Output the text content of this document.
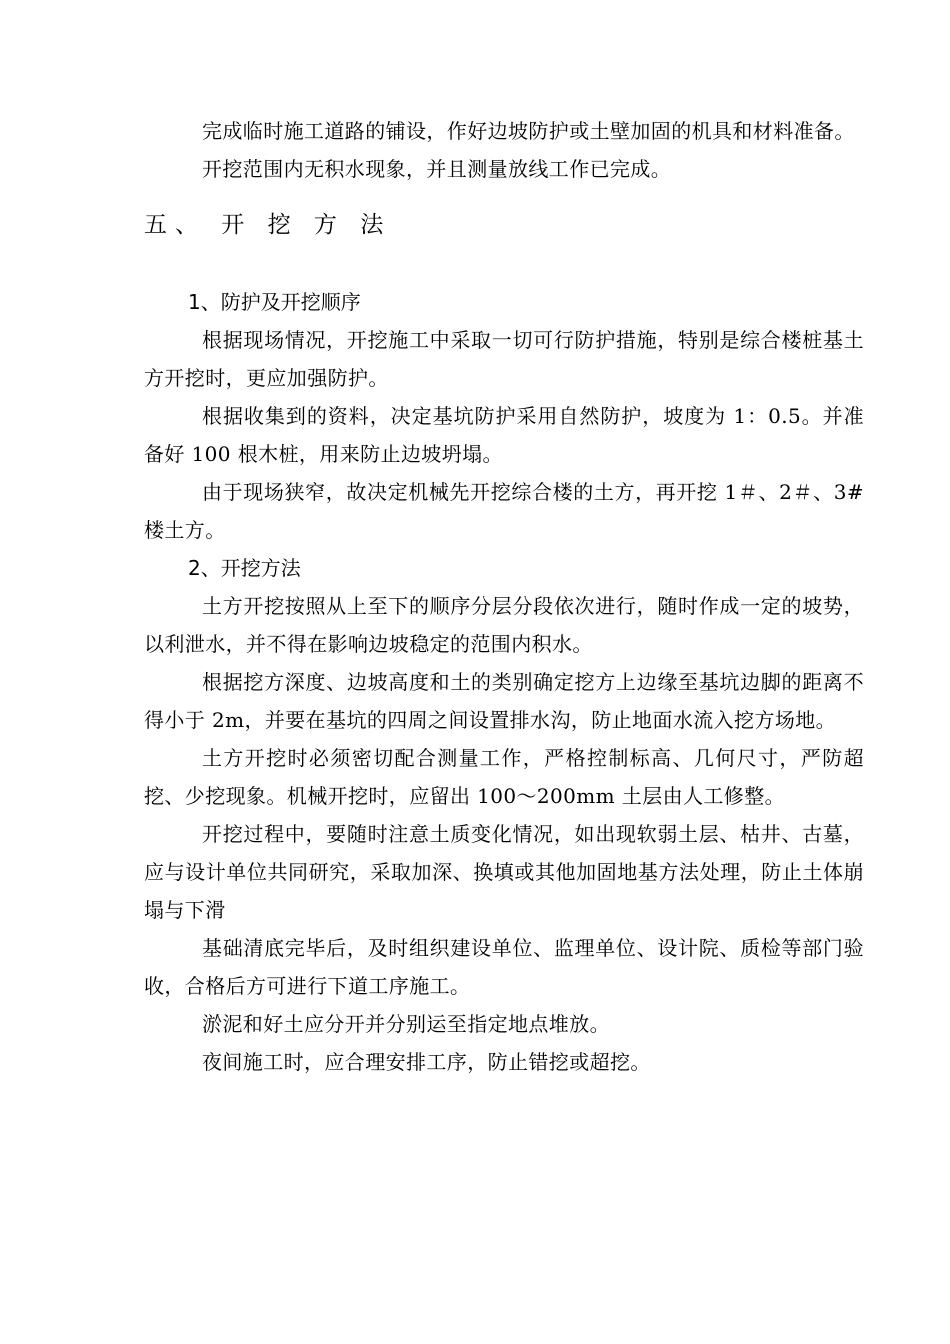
完成临时施工道路的铺设，作好边坡防护或土壁加固的机具和材料准备。

开挖范围内无积水现象，并且测量放线工作已完成。

五、 开 挖 方 法

1、防护及开挖顺序

根据现场情况，开挖施工中采取一切可行防护措施，特别是综合楼桩基土方开挖时，更应加强防护。

根据收集到的资料，决定基坑防护采用自然防护，坡度为 1：0.5。并准备好 100 根木桩，用来防止边坡坍塌。

由于现场狭窄，故决定机械先开挖综合楼的土方，再开挖 1＃、2＃、3#楼土方。

2、开挖方法

土方开挖按照从上至下的顺序分层分段依次进行，随时作成一定的坡势，以利泄水，并不得在影响边坡稳定的范围内积水。

根据挖方深度、边坡高度和土的类别确定挖方上边缘至基坑边脚的距离不得小于 2m，并要在基坑的四周之间设置排水沟，防止地面水流入挖方场地。

土方开挖时必须密切配合测量工作，严格控制标高、几何尺寸，严防超挖、少挖现象。机械开挖时，应留出 100～200mm 土层由人工修整。

开挖过程中，要随时注意土质变化情况，如出现软弱土层、枯井、古墓，应与设计单位共同研究，采取加深、换填或其他加固地基方法处理，防止土体崩塌与下滑

基础清底完毕后，及时组织建设单位、监理单位、设计院、质检等部门验收，合格后方可进行下道工序施工。

淤泥和好土应分开并分别运至指定地点堆放。

夜间施工时，应合理安排工序，防止错挖或超挖。
